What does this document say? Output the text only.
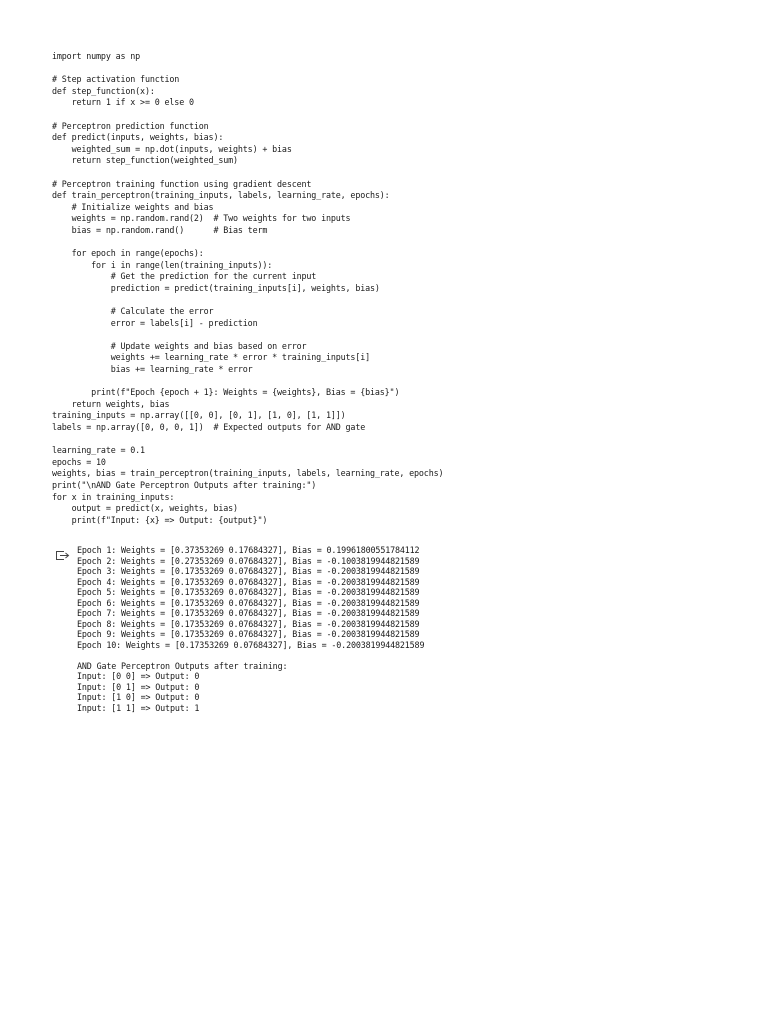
import numpy as np
# Step activation function
def step_function(x):
return 1 if x >= 0 else 0
# Perceptron prediction function
def predict(inputs, weights, bias):
weighted_sum = np.dot(inputs, weights) + bias
return step_function(weighted_sum)
# Perceptron training function using gradient descent
def train_perceptron(training_inputs, labels, learning_rate, epochs):
# Initialize weights and bias
weights = np.random.rand(2)  # Two weights for two inputs
bias = np.random.rand()      # Bias term
for epoch in range(epochs):
for i in range(len(training_inputs)):
# Get the prediction for the current input
prediction = predict(training_inputs[i], weights, bias)
# Calculate the error
error = labels[i] - prediction
# Update weights and bias based on error
weights += learning_rate * error * training_inputs[i]
bias += learning_rate * error
print(f"Epoch {epoch + 1}: Weights = {weights}, Bias = {bias}")
return weights, bias
training_inputs = np.array([[0, 0], [0, 1], [1, 0], [1, 1]])
labels = np.array([0, 0, 0, 1])  # Expected outputs for AND gate
learning_rate = 0.1
epochs = 10
weights, bias = train_perceptron(training_inputs, labels, learning_rate, epochs)
print("\nAND Gate Perceptron Outputs after training:")
for x in training_inputs:
output = predict(x, weights, bias)
print(f"Input: {x} => Output: {output}")
Epoch 1: Weights = [0.37353269 0.17684327], Bias = 0.19961800551784112
Epoch 2: Weights = [0.27353269 0.07684327], Bias = -0.1003819944821589
Epoch 3: Weights = [0.17353269 0.07684327], Bias = -0.2003819944821589
Epoch 4: Weights = [0.17353269 0.07684327], Bias = -0.2003819944821589
Epoch 5: Weights = [0.17353269 0.07684327], Bias = -0.2003819944821589
Epoch 6: Weights = [0.17353269 0.07684327], Bias = -0.2003819944821589
Epoch 7: Weights = [0.17353269 0.07684327], Bias = -0.2003819944821589
Epoch 8: Weights = [0.17353269 0.07684327], Bias = -0.2003819944821589
Epoch 9: Weights = [0.17353269 0.07684327], Bias = -0.2003819944821589
Epoch 10: Weights = [0.17353269 0.07684327], Bias = -0.2003819944821589
AND Gate Perceptron Outputs after training:
Input: [0 0] => Output: 0
Input: [0 1] => Output: 0
Input: [1 0] => Output: 0
Input: [1 1] => Output: 1
